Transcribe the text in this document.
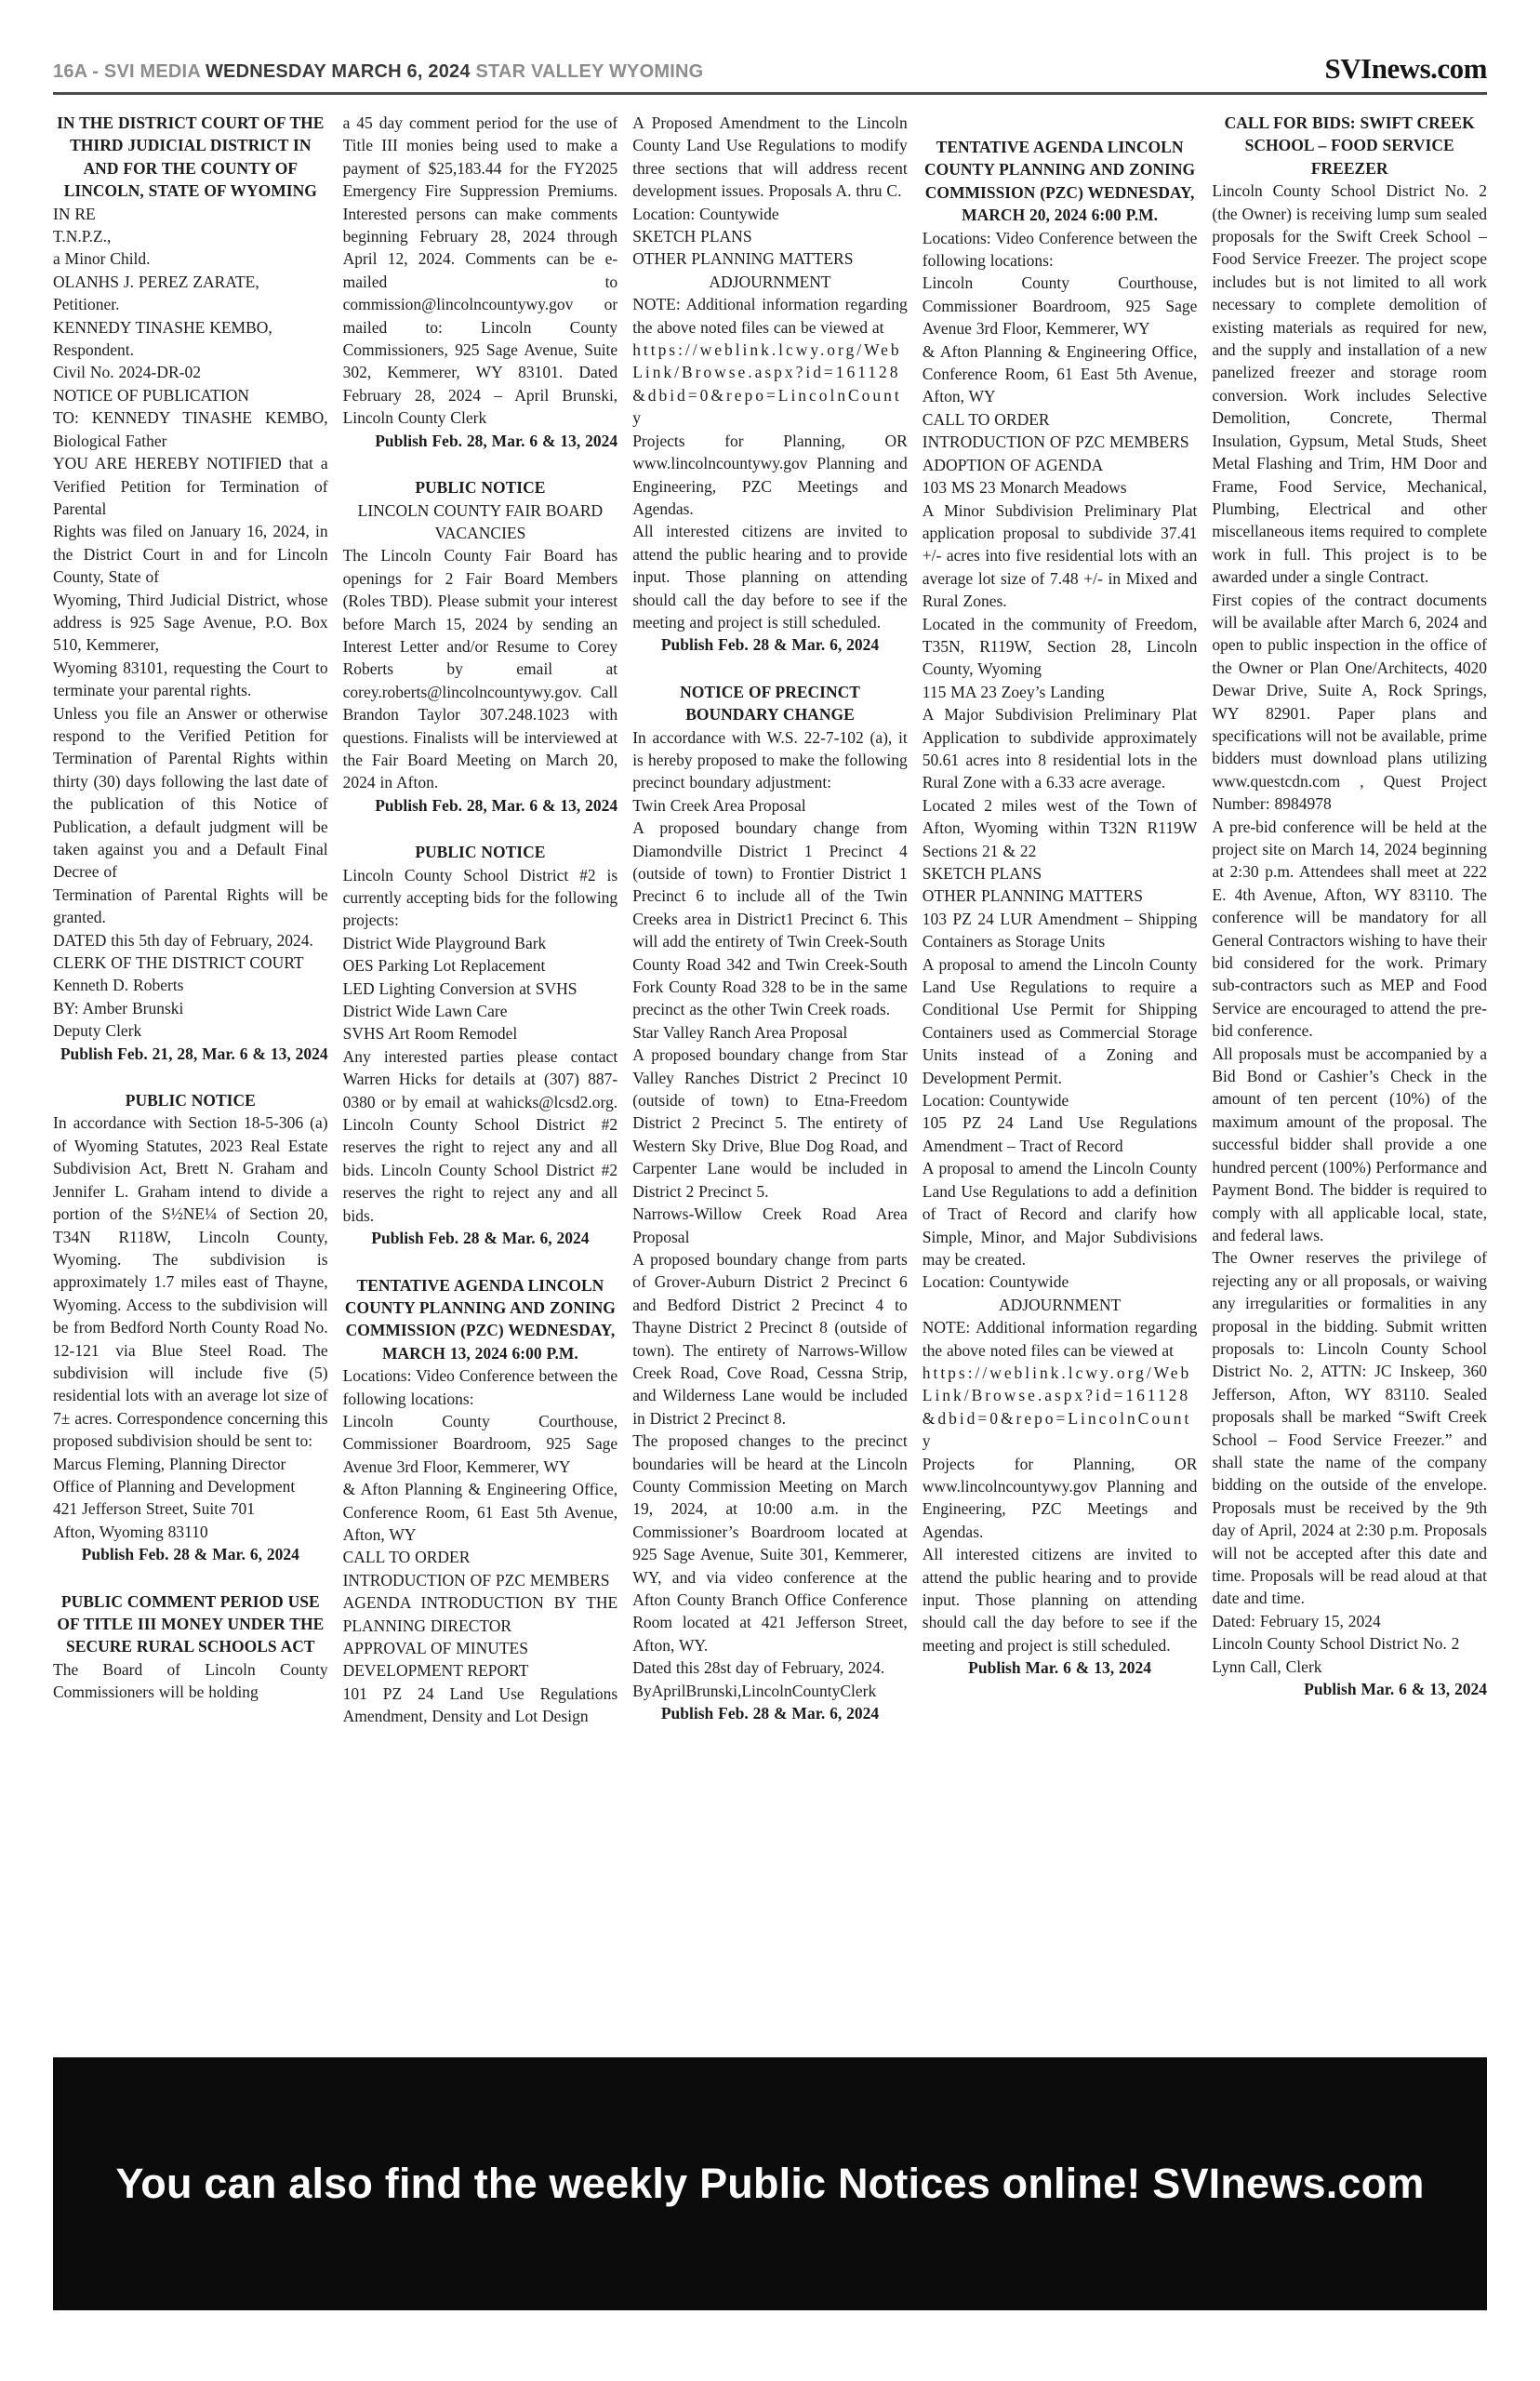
16A - SVI MEDIA WEDNESDAY MARCH 6, 2024 STAR VALLEY WYOMING	SVInews.com
IN THE DISTRICT COURT OF THE THIRD JUDICIAL DISTRICT IN AND FOR THE COUNTY OF LINCOLN, STATE OF WYOMING
IN RE
T.N.P.Z.,
a Minor Child.
OLANHS J. PEREZ ZARATE,
Petitioner.
KENNEDY TINASHE KEMBO,
Respondent.
Civil No. 2024-DR-02
NOTICE OF PUBLICATION
TO: KENNEDY TINASHE KEMBO, Biological Father
YOU ARE HEREBY NOTIFIED that a Verified Petition for Termination of Parental
Rights was filed on January 16, 2024, in the District Court in and for Lincoln County, State of
Wyoming, Third Judicial District, whose address is 925 Sage Avenue, P.O. Box 510, Kemmerer,
Wyoming 83101, requesting the Court to terminate your parental rights.
Unless you file an Answer or otherwise respond to the Verified Petition for Termination of Parental Rights within thirty (30) days following the last date of the publication of this Notice of Publication, a default judgment will be taken against you and a Default Final Decree of
Termination of Parental Rights will be granted.
DATED this 5th day of February, 2024.
CLERK OF THE DISTRICT COURT
Kenneth D. Roberts
BY: Amber Brunski
Deputy Clerk
Publish Feb. 21, 28, Mar. 6 & 13, 2024
PUBLIC NOTICE
In accordance with Section 18-5-306 (a) of Wyoming Statutes, 2023 Real Estate Subdivision Act, Brett N. Graham and Jennifer L. Graham intend to divide a portion of the S½NE¼ of Section 20, T34N R118W, Lincoln County, Wyoming. The subdivision is approximately 1.7 miles east of Thayne, Wyoming. Access to the subdivision will be from Bedford North County Road No. 12-121 via Blue Steel Road. The subdivision will include five (5) residential lots with an average lot size of 7± acres. Correspondence concerning this proposed subdivision should be sent to:
Marcus Fleming, Planning Director
Office of Planning and Development
421 Jefferson Street, Suite 701
Afton, Wyoming 83110
Publish Feb. 28 & Mar. 6, 2024
PUBLIC COMMENT PERIOD USE OF TITLE III MONEY UNDER THE SECURE RURAL SCHOOLS ACT
The Board of Lincoln County Commissioners will be holding
a 45 day comment period for the use of Title III monies being used to make a payment of $25,183.44 for the FY2025 Emergency Fire Suppression Premiums. Interested persons can make comments beginning February 28, 2024 through April 12, 2024. Comments can be e-mailed to commission@lincolncountywy.gov or mailed to: Lincoln County Commissioners, 925 Sage Avenue, Suite 302, Kemmerer, WY 83101. Dated February 28, 2024 – April Brunski, Lincoln County Clerk
Publish Feb. 28, Mar. 6 & 13, 2024
PUBLIC NOTICE
LINCOLN COUNTY FAIR BOARD VACANCIES
The Lincoln County Fair Board has openings for 2 Fair Board Members (Roles TBD). Please submit your interest before March 15, 2024 by sending an Interest Letter and/or Resume to Corey Roberts by email at corey.roberts@lincolncountywy.gov. Call Brandon Taylor 307.248.1023 with questions. Finalists will be interviewed at the Fair Board Meeting on March 20, 2024 in Afton.
Publish Feb. 28, Mar. 6 & 13, 2024
PUBLIC NOTICE
Lincoln County School District #2 is currently accepting bids for the following projects:
District Wide Playground Bark
OES Parking Lot Replacement
LED Lighting Conversion at SVHS
District Wide Lawn Care
SVHS Art Room Remodel
Any interested parties please contact Warren Hicks for details at (307) 887-0380 or by email at wahicks@lcsd2.org. Lincoln County School District #2 reserves the right to reject any and all bids. Lincoln County School District #2 reserves the right to reject any and all bids.
Publish Feb. 28 & Mar. 6, 2024
TENTATIVE AGENDA LINCOLN COUNTY PLANNING AND ZONING COMMISSION (PZC) WEDNESDAY, MARCH 13, 2024 6:00 P.M.
Locations: Video Conference between the following locations:
Lincoln County Courthouse, Commissioner Boardroom, 925 Sage Avenue 3rd Floor, Kemmerer, WY
& Afton Planning & Engineering Office, Conference Room, 61 East 5th Avenue, Afton, WY
CALL TO ORDER
INTRODUCTION OF PZC MEMBERS
AGENDA INTRODUCTION BY THE PLANNING DIRECTOR
APPROVAL OF MINUTES
DEVELOPMENT REPORT
101 PZ 24 Land Use Regulations Amendment, Density and Lot Design
A Proposed Amendment to the Lincoln County Land Use Regulations to modify three sections that will address recent development issues. Proposals A. thru C.
Location: Countywide
SKETCH PLANS
OTHER PLANNING MATTERS
ADJOURNMENT
NOTE: Additional information regarding the above noted files can be viewed at
https://weblink.lcwy.org/WebLink/Browse.aspx?id=161128&dbid=0&repo=LincolnCounty
Projects for Planning, OR www.lincolncountywy.gov Planning and Engineering, PZC Meetings and Agendas.
All interested citizens are invited to attend the public hearing and to provide input. Those planning on attending should call the day before to see if the meeting and project is still scheduled.
Publish Feb. 28 & Mar. 6, 2024
NOTICE OF PRECINCT BOUNDARY CHANGE
In accordance with W.S. 22-7-102 (a), it is hereby proposed to make the following precinct boundary adjustment:
Twin Creek Area Proposal
A proposed boundary change from Diamondville District 1 Precinct 4 (outside of town) to Frontier District 1 Precinct 6 to include all of the Twin Creeks area in District1 Precinct 6. This will add the entirety of Twin Creek-South County Road 342 and Twin Creek-South Fork County Road 328 to be in the same precinct as the other Twin Creek roads.
Star Valley Ranch Area Proposal
A proposed boundary change from Star Valley Ranches District 2 Precinct 10 (outside of town) to Etna-Freedom District 2 Precinct 5. The entirety of Western Sky Drive, Blue Dog Road, and Carpenter Lane would be included in District 2 Precinct 5.
Narrows-Willow Creek Road Area Proposal
A proposed boundary change from parts of Grover-Auburn District 2 Precinct 6 and Bedford District 2 Precinct 4 to Thayne District 2 Precinct 8 (outside of town). The entirety of Narrows-Willow Creek Road, Cove Road, Cessna Strip, and Wilderness Lane would be included in District 2 Precinct 8.
The proposed changes to the precinct boundaries will be heard at the Lincoln County Commission Meeting on March 19, 2024, at 10:00 a.m. in the Commissioner’s Boardroom located at 925 Sage Avenue, Suite 301, Kemmerer, WY, and via video conference at the Afton County Branch Office Conference Room located at 421 Jefferson Street, Afton, WY.
Dated this 28st day of February, 2024.
ByAprilBrunski,LincolnCountyClerk
Publish Feb. 28 & Mar. 6, 2024
TENTATIVE AGENDA LINCOLN COUNTY PLANNING AND ZONING COMMISSION (PZC) WEDNESDAY, MARCH 20, 2024 6:00 P.M.
Locations: Video Conference between the following locations:
Lincoln County Courthouse, Commissioner Boardroom, 925 Sage Avenue 3rd Floor, Kemmerer, WY
& Afton Planning & Engineering Office, Conference Room, 61 East 5th Avenue, Afton, WY
CALL TO ORDER
INTRODUCTION OF PZC MEMBERS
ADOPTION OF AGENDA
103 MS 23 Monarch Meadows
A Minor Subdivision Preliminary Plat application proposal to subdivide 37.41 +/- acres into five residential lots with an average lot size of 7.48 +/- in Mixed and Rural Zones.
Located in the community of Freedom, T35N, R119W, Section 28, Lincoln County, Wyoming
115 MA 23 Zoey’s Landing
A Major Subdivision Preliminary Plat Application to subdivide approximately 50.61 acres into 8 residential lots in the Rural Zone with a 6.33 acre average.
Located 2 miles west of the Town of Afton, Wyoming within T32N R119W Sections 21 & 22
SKETCH PLANS
OTHER PLANNING MATTERS
103 PZ 24 LUR Amendment – Shipping Containers as Storage Units
A proposal to amend the Lincoln County Land Use Regulations to require a Conditional Use Permit for Shipping Containers used as Commercial Storage Units instead of a Zoning and Development Permit.
Location: Countywide
105 PZ 24 Land Use Regulations Amendment – Tract of Record
A proposal to amend the Lincoln County Land Use Regulations to add a definition of Tract of Record and clarify how Simple, Minor, and Major Subdivisions may be created.
Location: Countywide
ADJOURNMENT
NOTE: Additional information regarding the above noted files can be viewed at
https://weblink.lcwy.org/WebLink/Browse.aspx?id=161128&dbid=0&repo=LincolnCounty
Projects for Planning, OR www.lincolncountywy.gov Planning and Engineering, PZC Meetings and Agendas.
All interested citizens are invited to attend the public hearing and to provide input. Those planning on attending should call the day before to see if the meeting and project is still scheduled.
Publish Mar. 6 & 13, 2024
CALL FOR BIDS: SWIFT CREEK SCHOOL – FOOD SERVICE FREEZER
Lincoln County School District No. 2 (the Owner) is receiving lump sum sealed proposals for the Swift Creek School – Food Service Freezer. The project scope includes but is not limited to all work necessary to complete demolition of existing materials as required for new, and the supply and installation of a new panelized freezer and storage room conversion. Work includes Selective Demolition, Concrete, Thermal Insulation, Gypsum, Metal Studs, Sheet Metal Flashing and Trim, HM Door and Frame, Food Service, Mechanical, Plumbing, Electrical and other miscellaneous items required to complete work in full. This project is to be awarded under a single Contract.
First copies of the contract documents will be available after March 6, 2024 and open to public inspection in the office of the Owner or Plan One/Architects, 4020 Dewar Drive, Suite A, Rock Springs, WY 82901. Paper plans and specifications will not be available, prime bidders must download plans utilizing www.questcdn.com , Quest Project Number: 8984978
A pre-bid conference will be held at the project site on March 14, 2024 beginning at 2:30 p.m. Attendees shall meet at 222 E. 4th Avenue, Afton, WY 83110. The conference will be mandatory for all General Contractors wishing to have their bid considered for the work. Primary sub-contractors such as MEP and Food Service are encouraged to attend the pre-bid conference.
All proposals must be accompanied by a Bid Bond or Cashier’s Check in the amount of ten percent (10%) of the maximum amount of the proposal. The successful bidder shall provide a one hundred percent (100%) Performance and Payment Bond. The bidder is required to comply with all applicable local, state, and federal laws.
The Owner reserves the privilege of rejecting any or all proposals, or waiving any irregularities or formalities in any proposal in the bidding. Submit written proposals to: Lincoln County School District No. 2, ATTN: JC Inskeep, 360 Jefferson, Afton, WY 83110. Sealed proposals shall be marked “Swift Creek School – Food Service Freezer.” and shall state the name of the company bidding on the outside of the envelope. Proposals must be received by the 9th day of April, 2024 at 2:30 p.m. Proposals will not be accepted after this date and time. Proposals will be read aloud at that date and time.
Dated: February 15, 2024
Lincoln County School District No. 2
Lynn Call, Clerk
Publish Mar. 6 & 13, 2024
You can also find the weekly Public Notices online! SVInews.com
